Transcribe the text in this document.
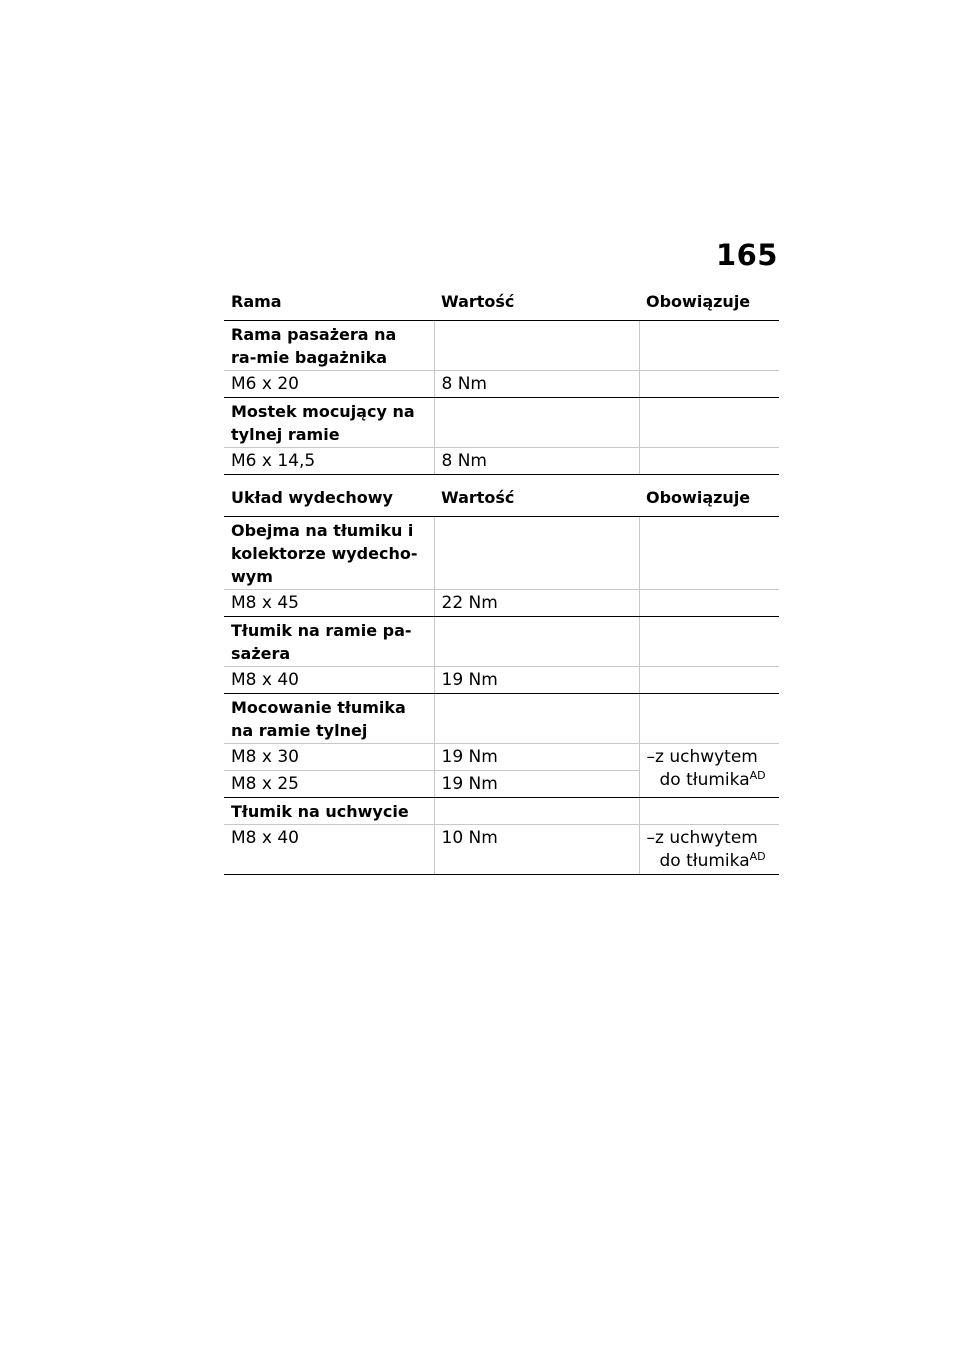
165
Rama	Wartość	Obowiązuje
Rama pasażera na ra-mie bagażnika		
M6 x 20	8 Nm	
Mostek mocujący na tylnej ramie		
M6 x 14,5	8 Nm	
Układ wydechowy	Wartość	Obowiązuje
Obejma na tłumiku i kolektorze wydecho-wym		
M8 x 45	22 Nm	
Tłumik na ramie pa-sażera		
M8 x 40	19 Nm	
Mocowanie tłumika na ramie tylnej		
M8 x 30	19 Nm	–z uchwytem do tłumika$^{AD}$

M8 x 25	19 Nm	
Tłumik na uchwycie		
M8 x 40	10 Nm	–z uchwytem do tłumika$^{AD}$
